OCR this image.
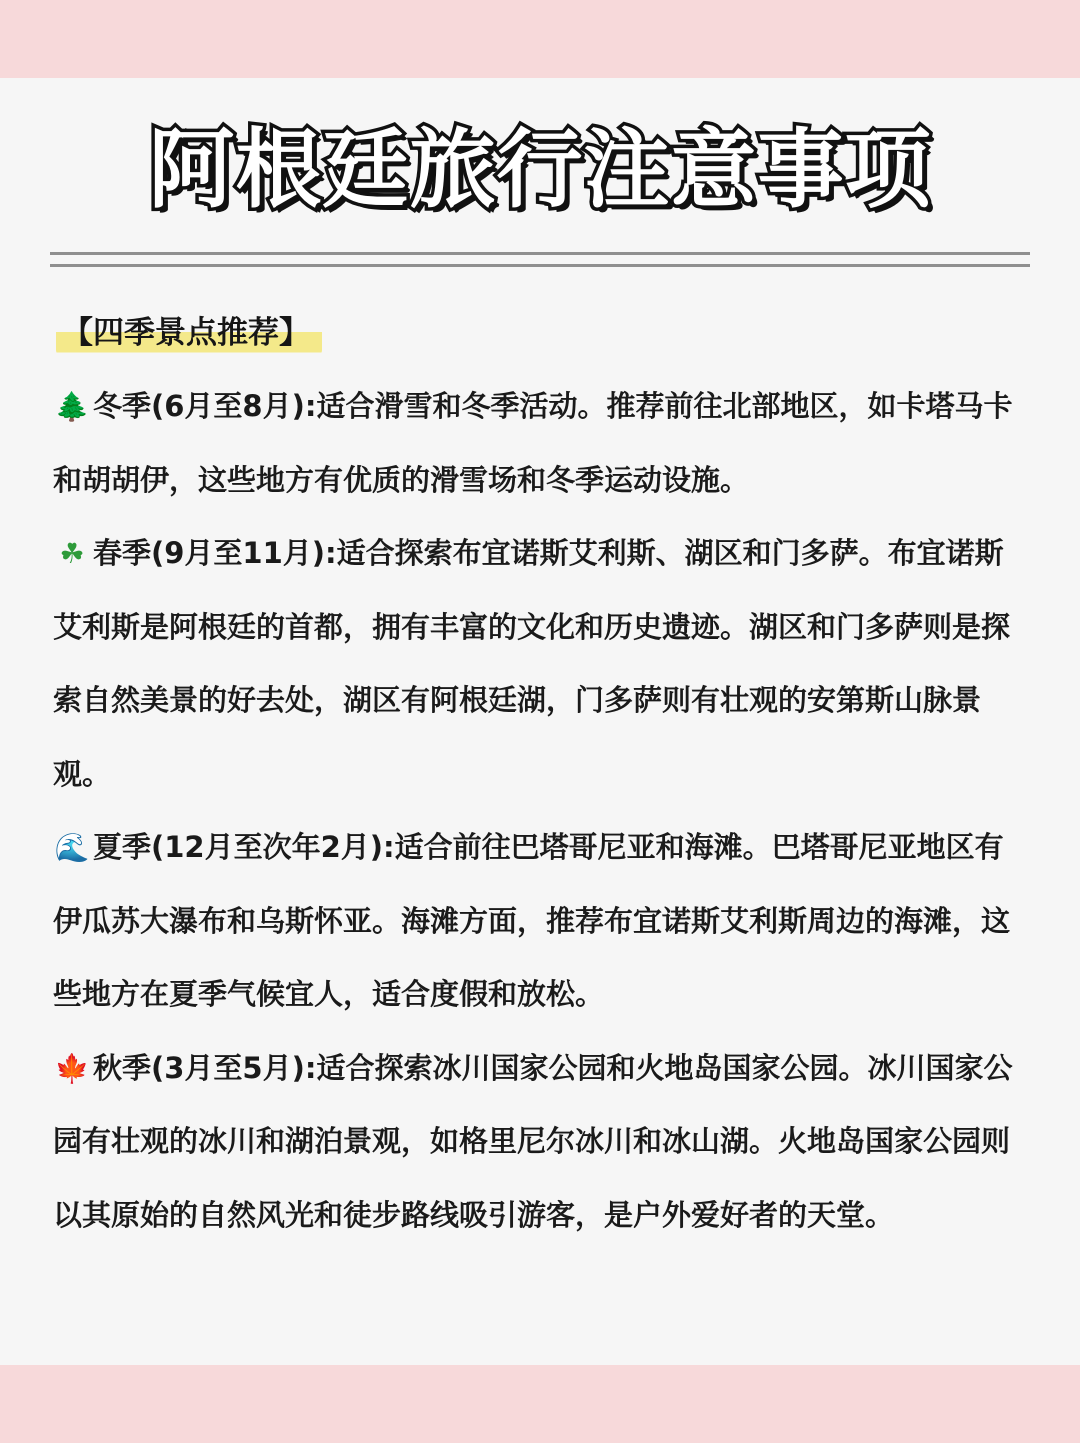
阿根廷旅行注意事项
【四季景点推荐】

🌲 冬季(6月至8月):适合滑雪和冬季活动。推荐前往北部地区，如卡塔马卡和胡胡伊，这些地方有优质的滑雪场和冬季运动设施。

☘ 春季(9月至11月):适合探索布宜诺斯艾利斯、湖区和门多萨。布宜诺斯艾利斯是阿根廷的首都，拥有丰富的文化和历史遗迹。湖区和门多萨则是探索自然美景的好去处，湖区有阿根廷湖，门多萨则有壮观的安第斯山脉景观。

🌊 夏季(12月至次年2月):适合前往巴塔哥尼亚和海滩。巴塔哥尼亚地区有伊瓜苏大瀑布和乌斯怀亚。海滩方面，推荐布宜诺斯艾利斯周边的海滩，这些地方在夏季气候宜人，适合度假和放松。

🍁 秋季(3月至5月):适合探索冰川国家公园和火地岛国家公园。冰川国家公园有壮观的冰川和湖泊景观，如格里尼尔冰川和冰山湖。火地岛国家公园则以其原始的自然风光和徒步路线吸引游客，是户外爱好者的天堂。
